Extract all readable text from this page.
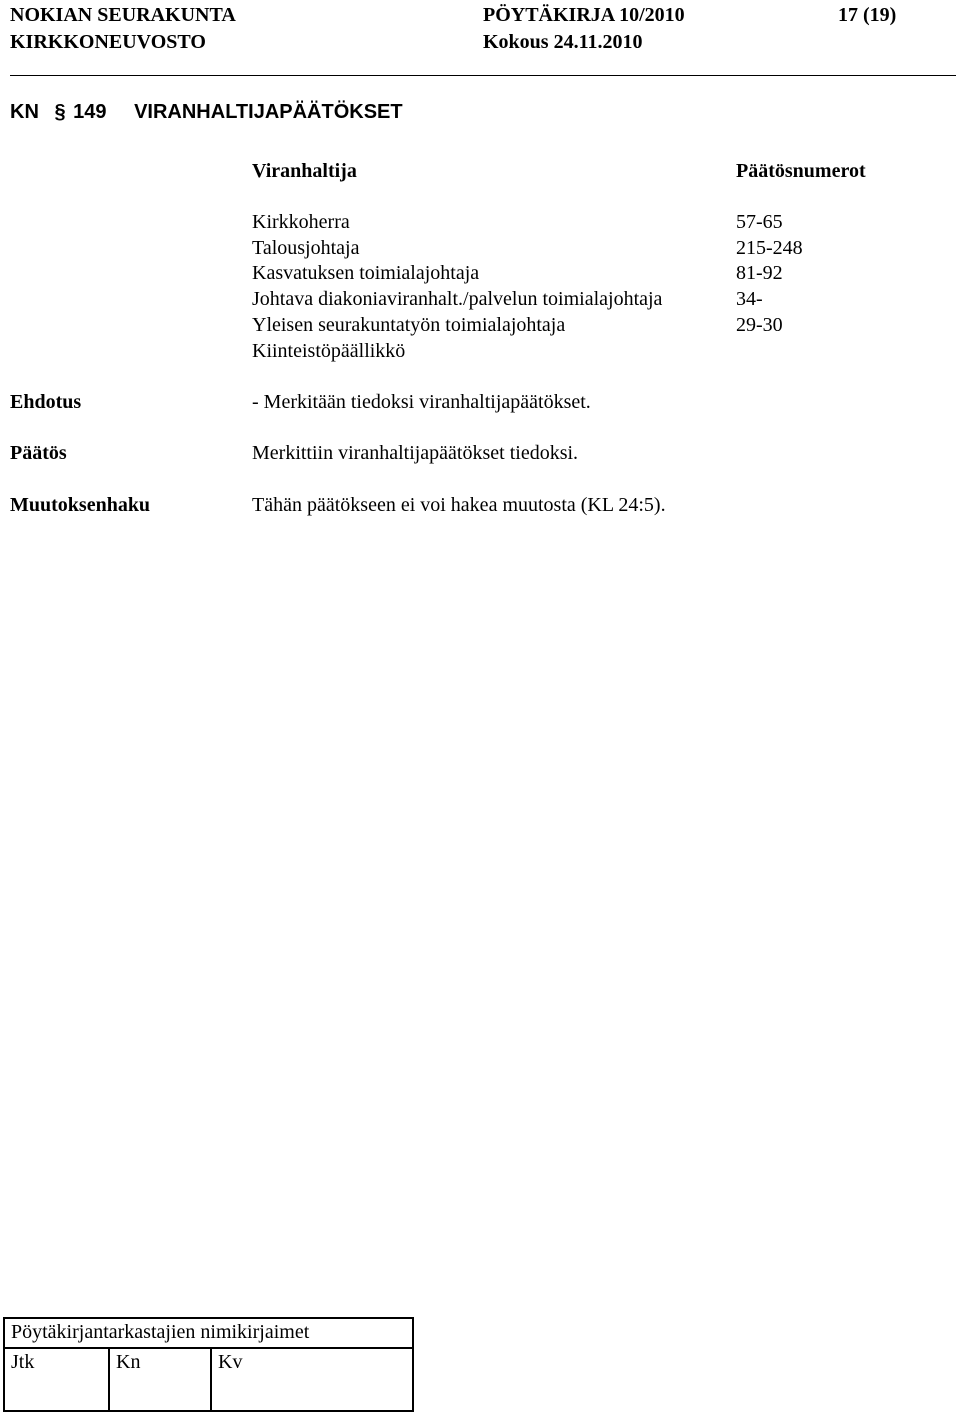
NOKIAN SEURAKUNTA	PÖYTÄKIRJA 10/2010	17 (19)
KIRKKONEUVOSTO	Kokous 24.11.2010
KN § 149 VIRANHALTIJAPÄÄTÖKSET
Viranhaltija	Päätösnumerot
Kirkkoherra	57-65
Talousjohtaja	215-248
Kasvatuksen toimialajohtaja	81-92
Johtava diakoniaviranhalt./palvelun toimialajohtaja	34-
Yleisen seurakuntatyön toimialajohtaja	29-30
Kiinteistöpäällikkö
Ehdotus	- Merkitään tiedoksi viranhaltijapäätökset.
Päätös	Merkittiin viranhaltijapäätökset tiedoksi.
Muutoksenhaku	Tähän päätökseen ei voi hakea muutosta (KL 24:5).
Pöytäkirjantarkastajien nimikirjaimet
Jtk	Kn	Kv
